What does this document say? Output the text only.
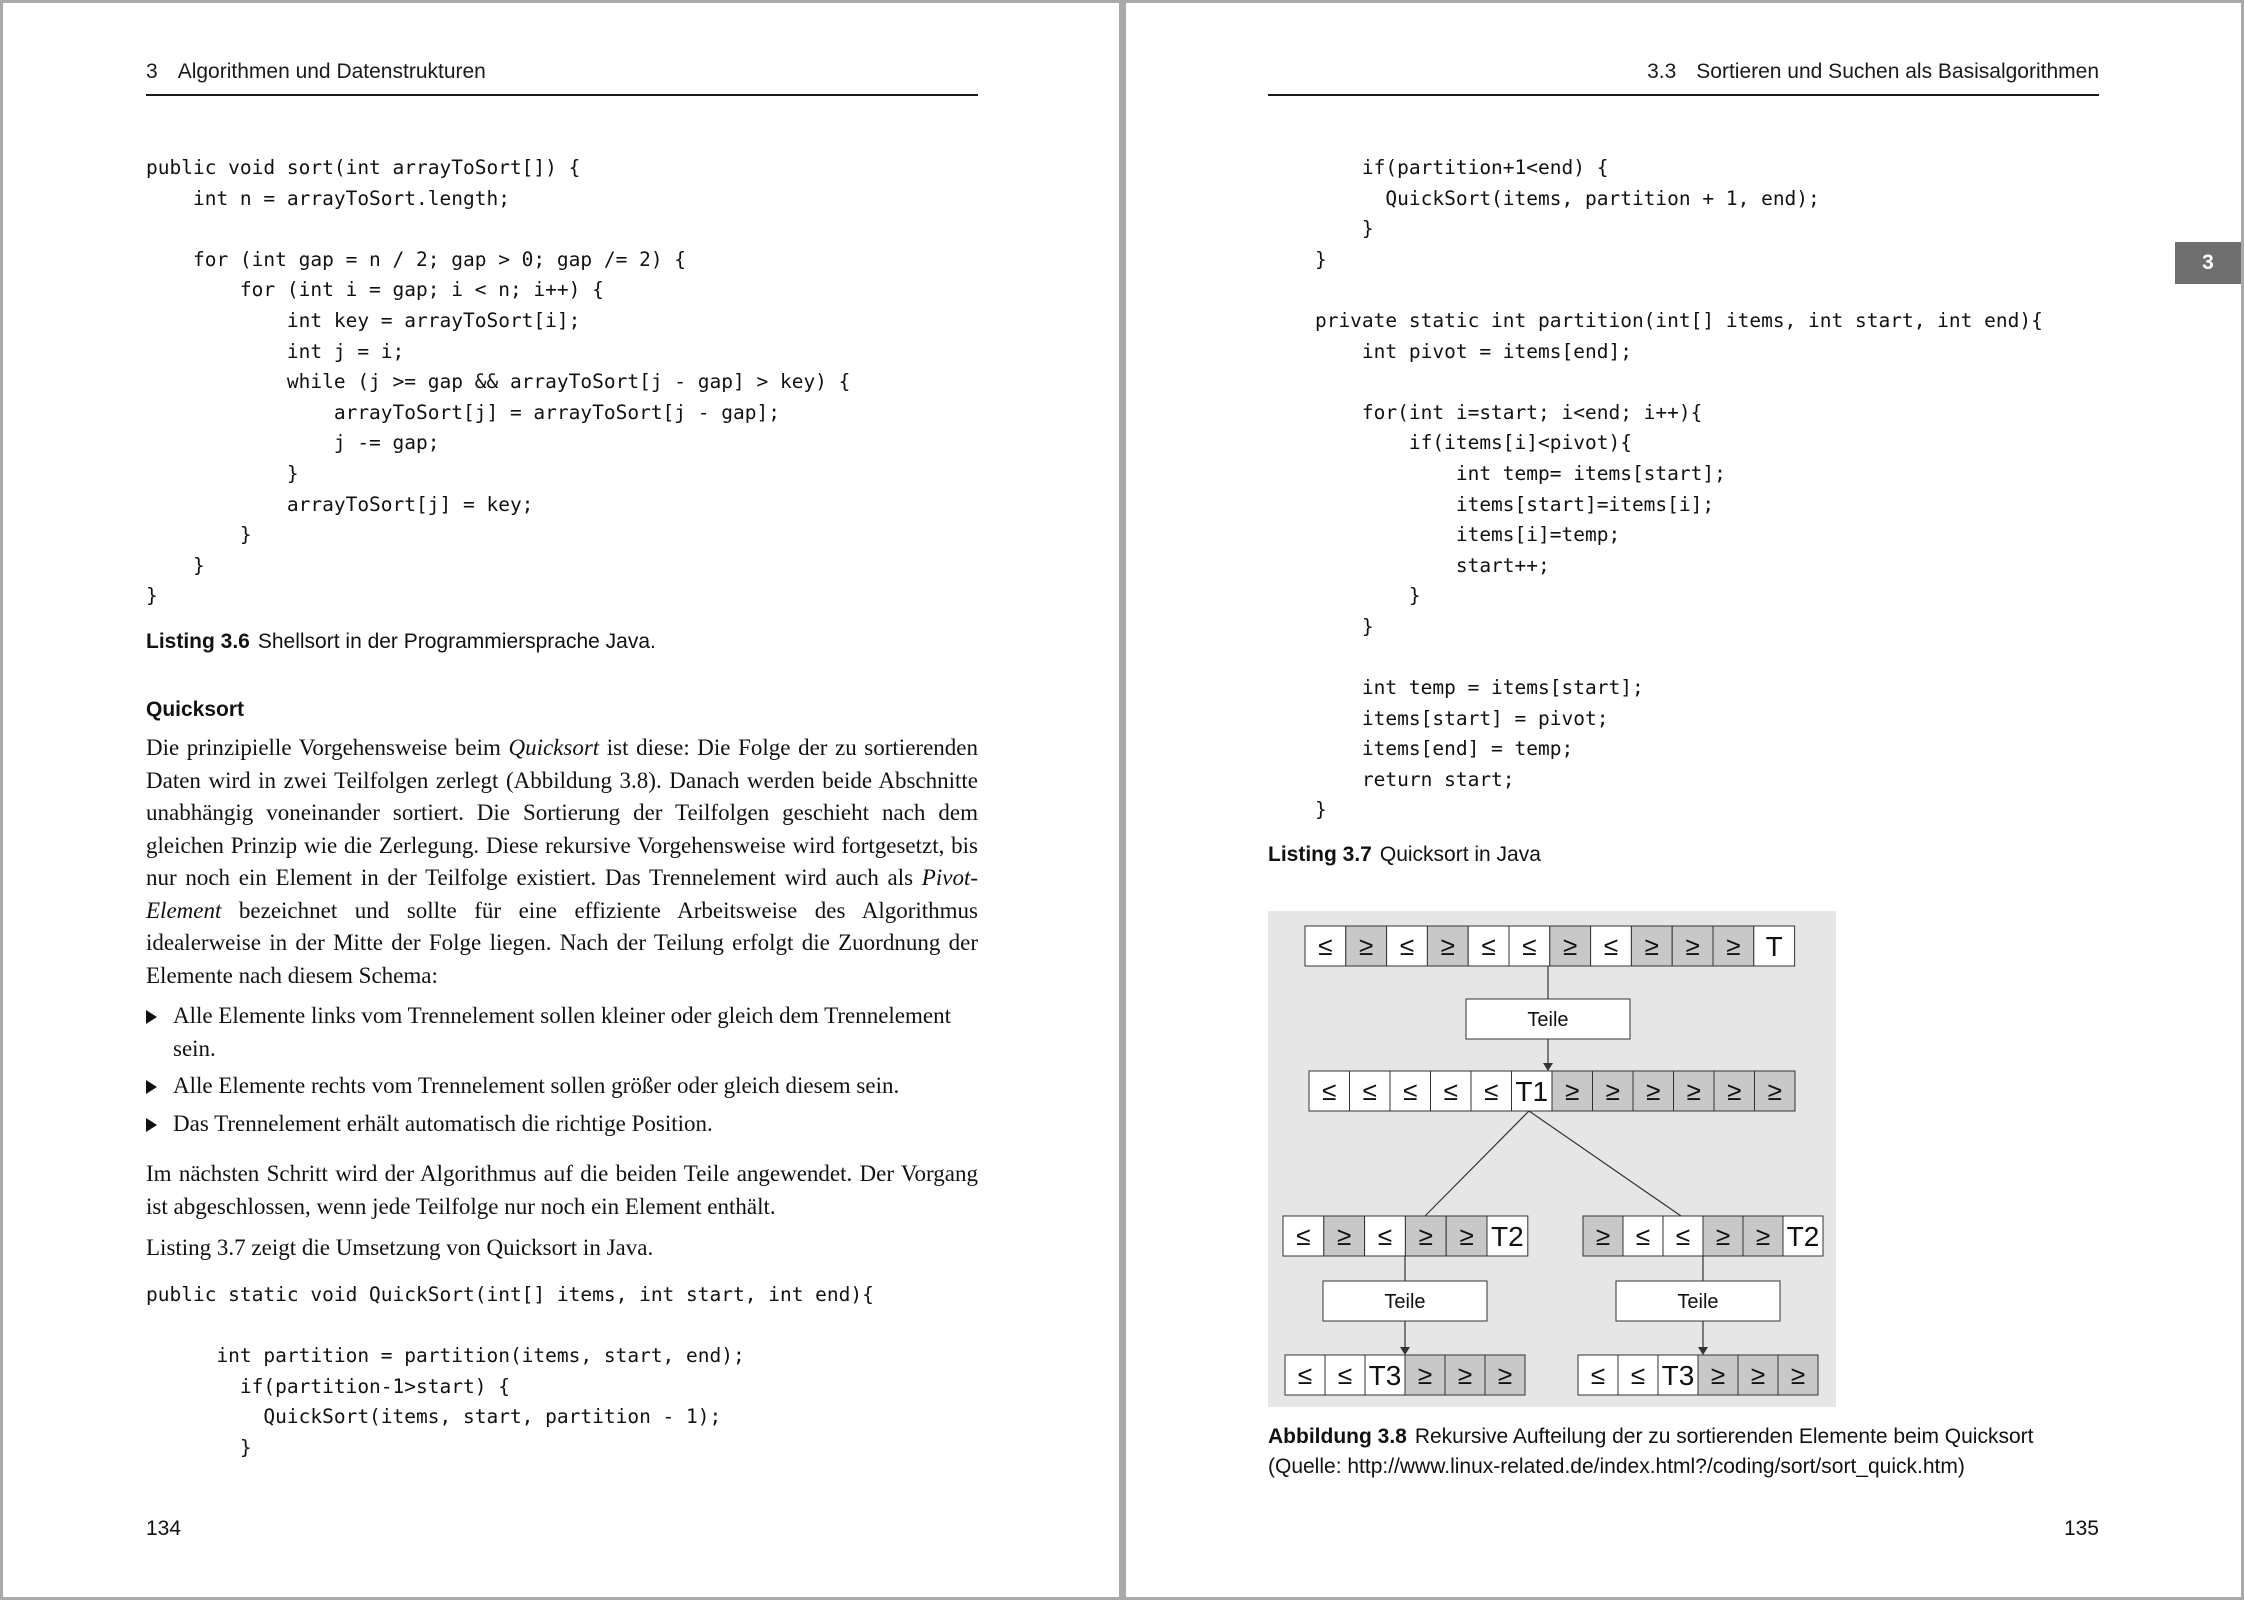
3 Algorithmen und Datenstrukturen
public void sort(int arrayToSort[]) {
int n = arrayToSort.length;

for (int gap = n / 2; gap > 0; gap /= 2) {
for (int i = gap; i < n; i++) {
int key = arrayToSort[i];
int j = i;
while (j >= gap && arrayToSort[j - gap] > key) {
arrayToSort[j] = arrayToSort[j - gap];
j -= gap;
}
arrayToSort[j] = key;
}
}
}
Listing 3.6 Shellsort in der Programmiersprache Java.
Quicksort

Die prinzipielle Vorgehensweise beim Quicksort ist diese: Die Folge der zu sortierenden Daten wird in zwei Teilfolgen zerlegt (Abbildung 3.8). Danach werden beide Abschnitte unabhängig voneinander sortiert. Die Sortierung der Teilfolgen geschieht nach dem gleichen Prinzip wie die Zerlegung. Diese rekursive Vorgehensweise wird fortgesetzt, bis nur noch ein Element in der Teilfolge existiert. Das Trennelement wird auch als Pivot-Element bezeichnet und sollte für eine effiziente Arbeitsweise des Algorithmus idealerweise in der Mitte der Folge liegen. Nach der Teilung erfolgt die Zuordnung der Elemente nach diesem Schema:

Alle Elemente links vom Trennelement sollen kleiner oder gleich dem Trennelement sein.
Alle Elemente rechts vom Trennelement sollen größer oder gleich diesem sein.
Das Trennelement erhält automatisch die richtige Position.

Im nächsten Schritt wird der Algorithmus auf die beiden Teile angewendet. Der Vorgang ist abgeschlossen, wenn jede Teilfolge nur noch ein Element enthält.

Listing 3.7 zeigt die Umsetzung von Quicksort in Java.

public static void QuickSort(int[] items, int start, int end){

int partition = partition(items, start, end);
if(partition-1>start) {
QuickSort(items, start, partition - 1);
}
134
3.3 Sortieren und Suchen als Basisalgorithmen
3
if(partition+1<end) {
QuickSort(items, partition + 1, end);
}
}

private static int partition(int[] items, int start, int end){
int pivot = items[end];

for(int i=start; i<end; i++){
if(items[i]<pivot){
int temp= items[start];
items[start]=items[i];
items[i]=temp;
start++;
}
}

int temp = items[start];
items[start] = pivot;
items[end] = temp;
return start;
}
Listing 3.7 Quicksort in Java
≤ ≥ ≤ ≥ ≤ ≤ ≥ ≤ ≥ ≥ ≥ T
Teile
≤ ≤ ≤ ≤ ≤ T1 ≥ ≥ ≥ ≥ ≥ ≥
≤ ≥ ≤ ≥ ≥ T2	≥ ≤ ≤ ≥ ≥ T2
Teile	Teile
≤ ≤ T3 ≥ ≥ ≥	≤ ≤ T3 ≥ ≥ ≥
Abbildung 3.8 Rekursive Aufteilung der zu sortierenden Elemente beim Quicksort
(Quelle: http://www.linux-related.de/index.html?/coding/sort/sort_quick.htm)
135
